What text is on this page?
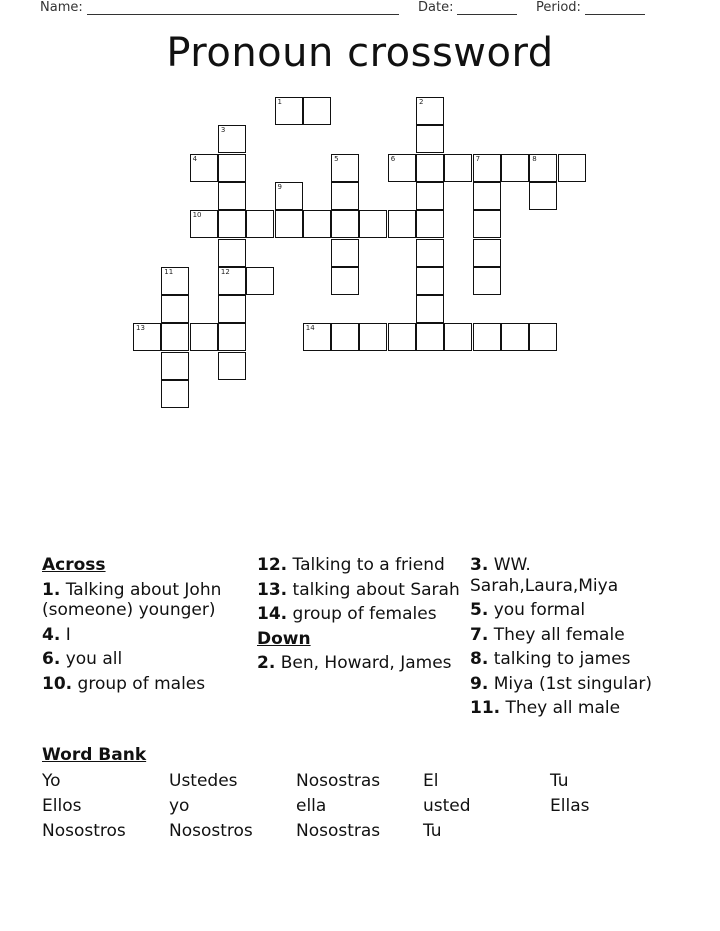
Name:	Date:	Period:
Pronoun crossword
1	2
3
12
4	5	6	7	8
9
10
11
13	14
Across
1. Talking about John (someone) younger)
4. I
6. you all
10. group of males
12. Talking to a friend
13. talking about Sarah
14. group of females
Down
2. Ben, Howard, James
3. WW. Sarah,Laura,Miya
5. you formal
7. They all female
8. talking to james
9. Miya (1st singular)
11. They all male
Word Bank
Yo	Ustedes	Nosostras	El	Tu
Ellos	yo	ella	usted	Ellas
Nosostros	Nosostros	Nosostras	Tu
